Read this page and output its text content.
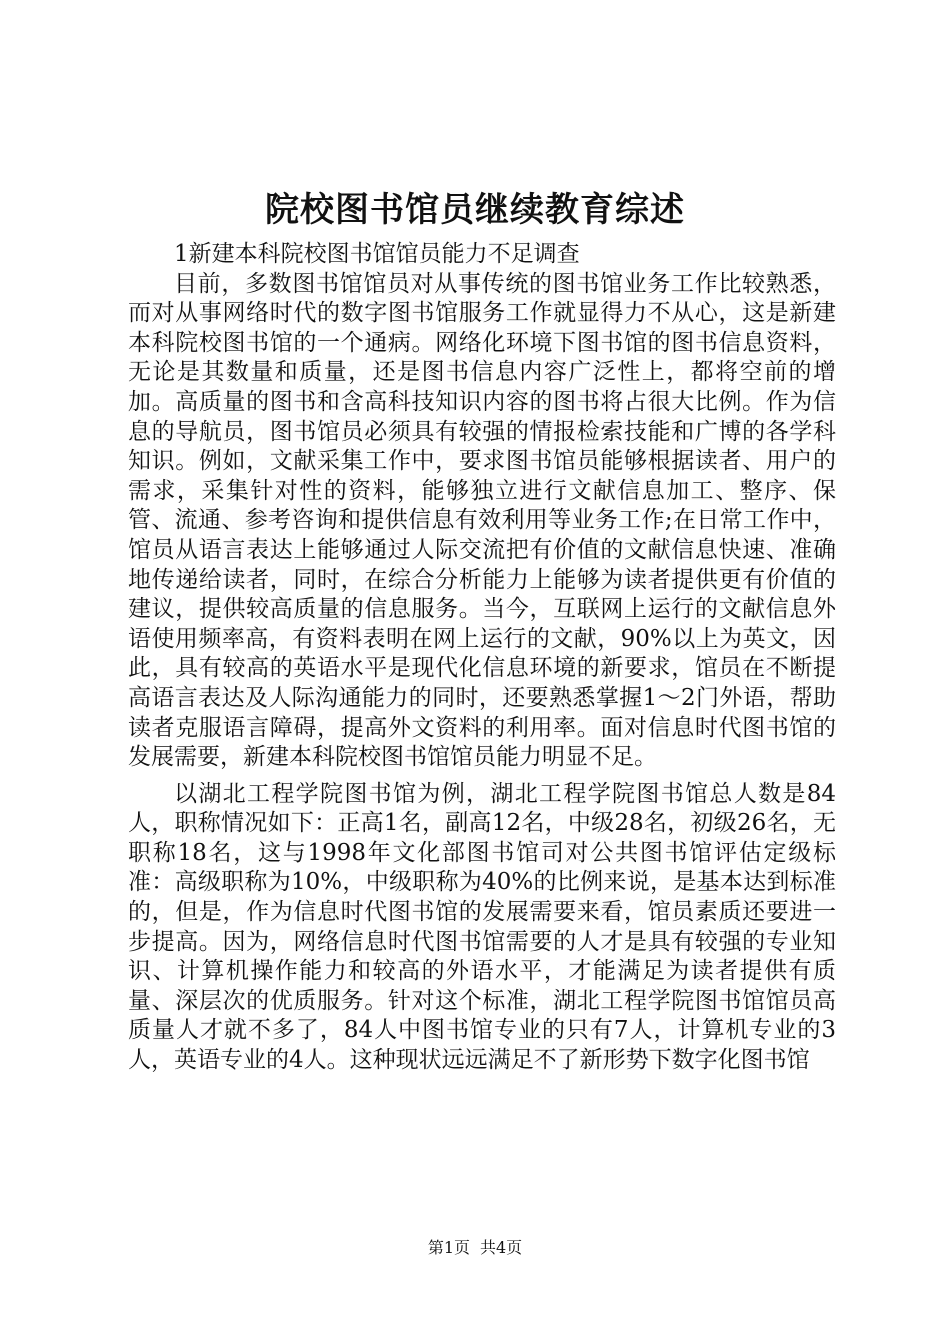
院校图书馆员继续教育综述

1新建本科院校图书馆馆员能力不足调查

目前，多数图书馆馆员对从事传统的图书馆业务工作比较熟悉，而对从事网络时代的数字图书馆服务工作就显得力不从心，这是新建本科院校图书馆的一个通病。网络化环境下图书馆的图书信息资料，无论是其数量和质量，还是图书信息内容广泛性上，都将空前的增加。高质量的图书和含高科技知识内容的图书将占很大比例。作为信息的导航员，图书馆员必须具有较强的情报检索技能和广博的各学科知识。例如，文献采集工作中，要求图书馆员能够根据读者、用户的需求，采集针对性的资料，能够独立进行文献信息加工、整序、保管、流通、参考咨询和提供信息有效利用等业务工作;在日常工作中，馆员从语言表达上能够通过人际交流把有价值的文献信息快速、准确地传递给读者，同时，在综合分析能力上能够为读者提供更有价值的建议，提供较高质量的信息服务。当今，互联网上运行的文献信息外语使用频率高，有资料表明在网上运行的文献，90%以上为英文，因此，具有较高的英语水平是现代化信息环境的新要求，馆员在不断提高语言表达及人际沟通能力的同时，还要熟悉掌握1～2门外语，帮助读者克服语言障碍，提高外文资料的利用率。面对信息时代图书馆的发展需要，新建本科院校图书馆馆员能力明显不足。

以湖北工程学院图书馆为例，湖北工程学院图书馆总人数是84人，职称情况如下：正高1名，副高12名，中级28名，初级26名，无职称18名，这与1998年文化部图书馆司对公共图书馆评估定级标准：高级职称为10%，中级职称为40%的比例来说，是基本达到标准的，但是，作为信息时代图书馆的发展需要来看，馆员素质还要进一步提高。因为，网络信息时代图书馆需要的人才是具有较强的专业知识、计算机操作能力和较高的外语水平，才能满足为读者提供有质量、深层次的优质服务。针对这个标准，湖北工程学院图书馆馆员高质量人才就不多了，84人中图书馆专业的只有7人，计算机专业的3人，英语专业的4人。这种现状远远满足不了新形势下数字化图书馆

第1页 共4页
